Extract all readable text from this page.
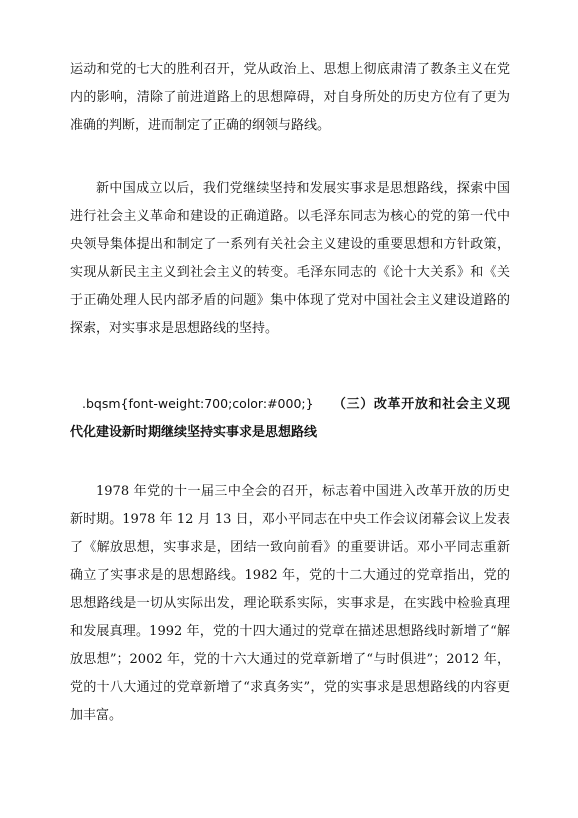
运动和党的七大的胜利召开，党从政治上、思想上彻底肃清了教条主义在党内的影响，清除了前进道路上的思想障碍，对自身所处的历史方位有了更为准确的判断，进而制定了正确的纲领与路线。

新中国成立以后，我们党继续坚持和发展实事求是思想路线，探索中国进行社会主义革命和建设的正确道路。以毛泽东同志为核心的党的第一代中央领导集体提出和制定了一系列有关社会主义建设的重要思想和方针政策，实现从新民主主义到社会主义的转变。毛泽东同志的《论十大关系》和《关于正确处理人民内部矛盾的问题》集中体现了党对中国社会主义建设道路的探索，对实事求是思想路线的坚持。

.bqsm{font-weight:700;color:#000;} （三）改革开放和社会主义现代化建设新时期继续坚持实事求是思想路线

1978 年党的十一届三中全会的召开，标志着中国进入改革开放的历史新时期。1978 年 12 月 13 日，邓小平同志在中央工作会议闭幕会议上发表了《解放思想，实事求是，团结一致向前看》的重要讲话。邓小平同志重新确立了实事求是的思想路线。1982 年，党的十二大通过的党章指出，党的思想路线是一切从实际出发，理论联系实际，实事求是，在实践中检验真理和发展真理。1992 年，党的十四大通过的党章在描述思想路线时新增了“解放思想”；2002 年，党的十六大通过的党章新增了“与时俱进”；2012 年，党的十八大通过的党章新增了“求真务实”，党的实事求是思想路线的内容更加丰富。
